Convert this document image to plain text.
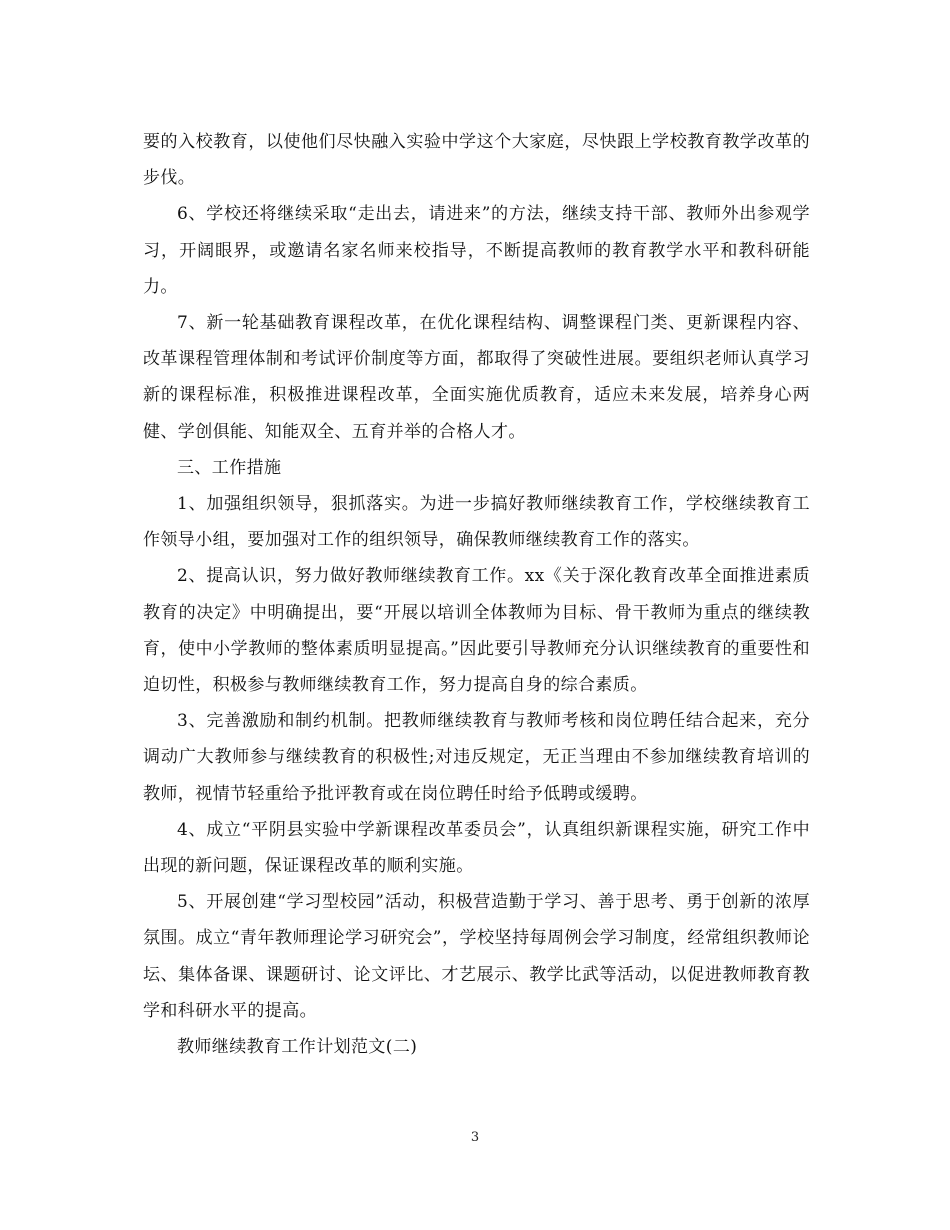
要的入校教育，以使他们尽快融入实验中学这个大家庭，尽快跟上学校教育教学改革的步伐。

6、学校还将继续采取“走出去，请进来”的方法，继续支持干部、教师外出参观学习，开阔眼界，或邀请名家名师来校指导，不断提高教师的教育教学水平和教科研能力。

7、新一轮基础教育课程改革，在优化课程结构、调整课程门类、更新课程内容、改革课程管理体制和考试评价制度等方面，都取得了突破性进展。要组织老师认真学习新的课程标准，积极推进课程改革，全面实施优质教育，适应未来发展，培养身心两健、学创俱能、知能双全、五育并举的合格人才。

三、工作措施

1、加强组织领导，狠抓落实。为进一步搞好教师继续教育工作，学校继续教育工作领导小组，要加强对工作的组织领导，确保教师继续教育工作的落实。

2、提高认识，努力做好教师继续教育工作。xx《关于深化教育改革全面推进素质教育的决定》中明确提出，要“开展以培训全体教师为目标、骨干教师为重点的继续教育，使中小学教师的整体素质明显提高。”因此要引导教师充分认识继续教育的重要性和迫切性，积极参与教师继续教育工作，努力提高自身的综合素质。

3、完善激励和制约机制。把教师继续教育与教师考核和岗位聘任结合起来，充分调动广大教师参与继续教育的积极性;对违反规定，无正当理由不参加继续教育培训的教师，视情节轻重给予批评教育或在岗位聘任时给予低聘或缓聘。

4、成立“平阴县实验中学新课程改革委员会”，认真组织新课程实施，研究工作中出现的新问题，保证课程改革的顺利实施。

5、开展创建“学习型校园”活动，积极营造勤于学习、善于思考、勇于创新的浓厚氛围。成立“青年教师理论学习研究会”，学校坚持每周例会学习制度，经常组织教师论坛、集体备课、课题研讨、论文评比、才艺展示、教学比武等活动，以促进教师教育教学和科研水平的提高。

教师继续教育工作计划范文(二)

3
